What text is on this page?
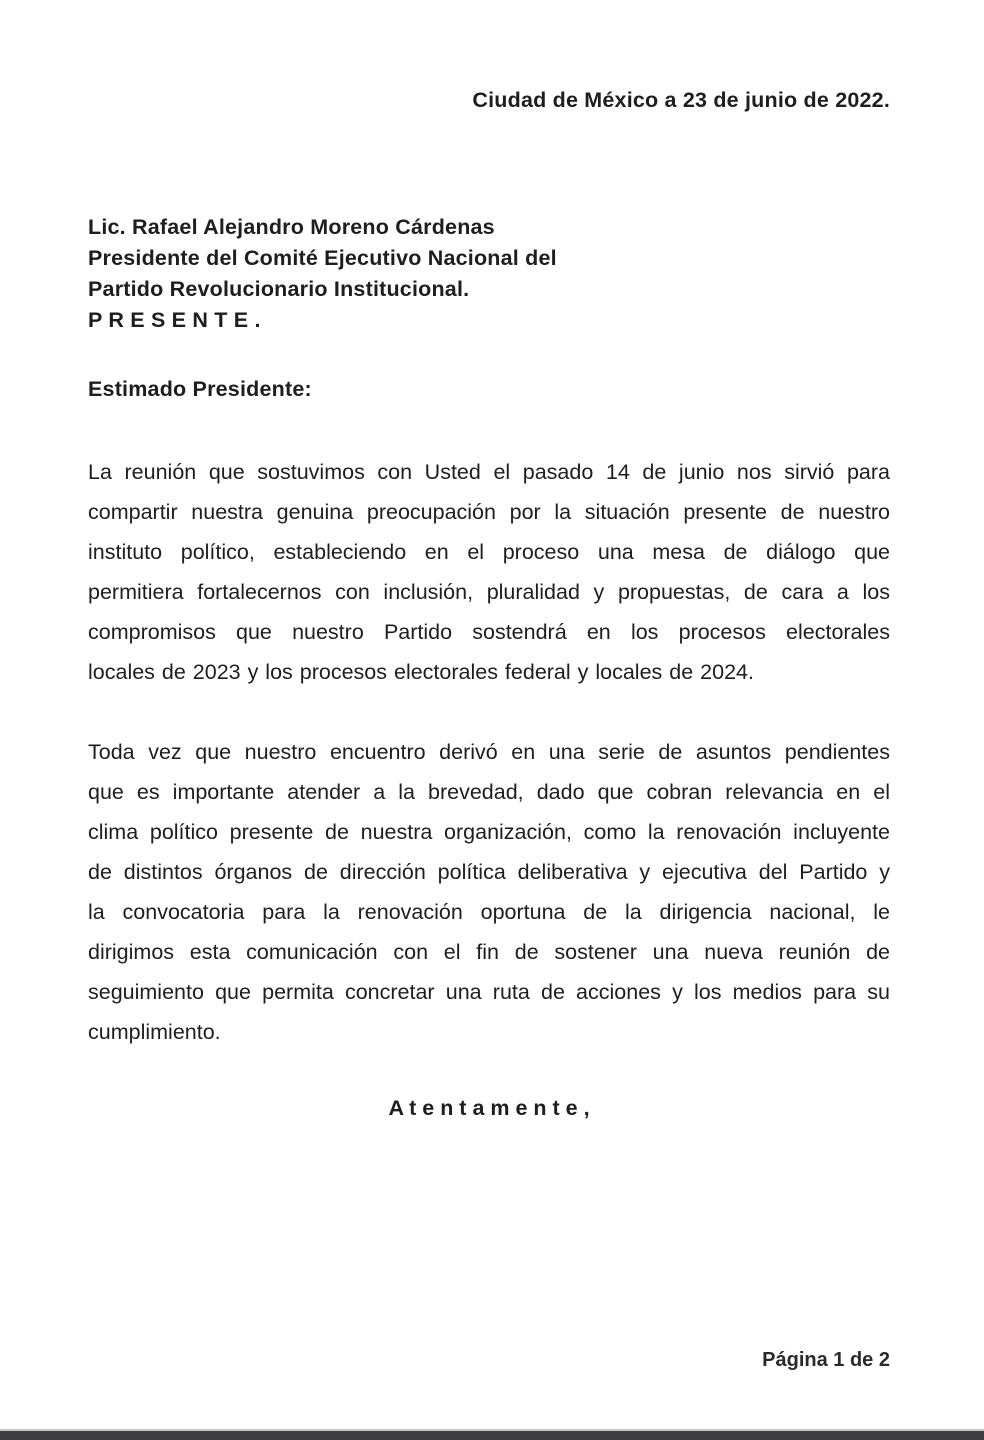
Ciudad de México a 23 de junio de 2022.
Lic. Rafael Alejandro Moreno Cárdenas
Presidente del Comité Ejecutivo Nacional del
Partido Revolucionario Institucional.
P R E S E N T E .
Estimado Presidente:
La reunión que sostuvimos con Usted el pasado 14 de junio nos sirvió para
compartir nuestra genuina preocupación por la situación presente de nuestro
instituto político, estableciendo en el proceso una mesa de diálogo que
permitiera fortalecernos con inclusión, pluralidad y propuestas, de cara a los
compromisos que nuestro Partido sostendrá en los procesos electorales
locales de 2023 y los procesos electorales federal y locales de 2024.
Toda vez que nuestro encuentro derivó en una serie de asuntos pendientes
que es importante atender a la brevedad, dado que cobran relevancia en el
clima político presente de nuestra organización, como la renovación incluyente
de distintos órganos de dirección política deliberativa y ejecutiva del Partido y
la convocatoria para la renovación oportuna de la dirigencia nacional, le
dirigimos esta comunicación con el fin de sostener una nueva reunión de
seguimiento que permita concretar una ruta de acciones y los medios para su
cumplimiento.
A t e n t a m e n t e ,
Página 1 de 2
